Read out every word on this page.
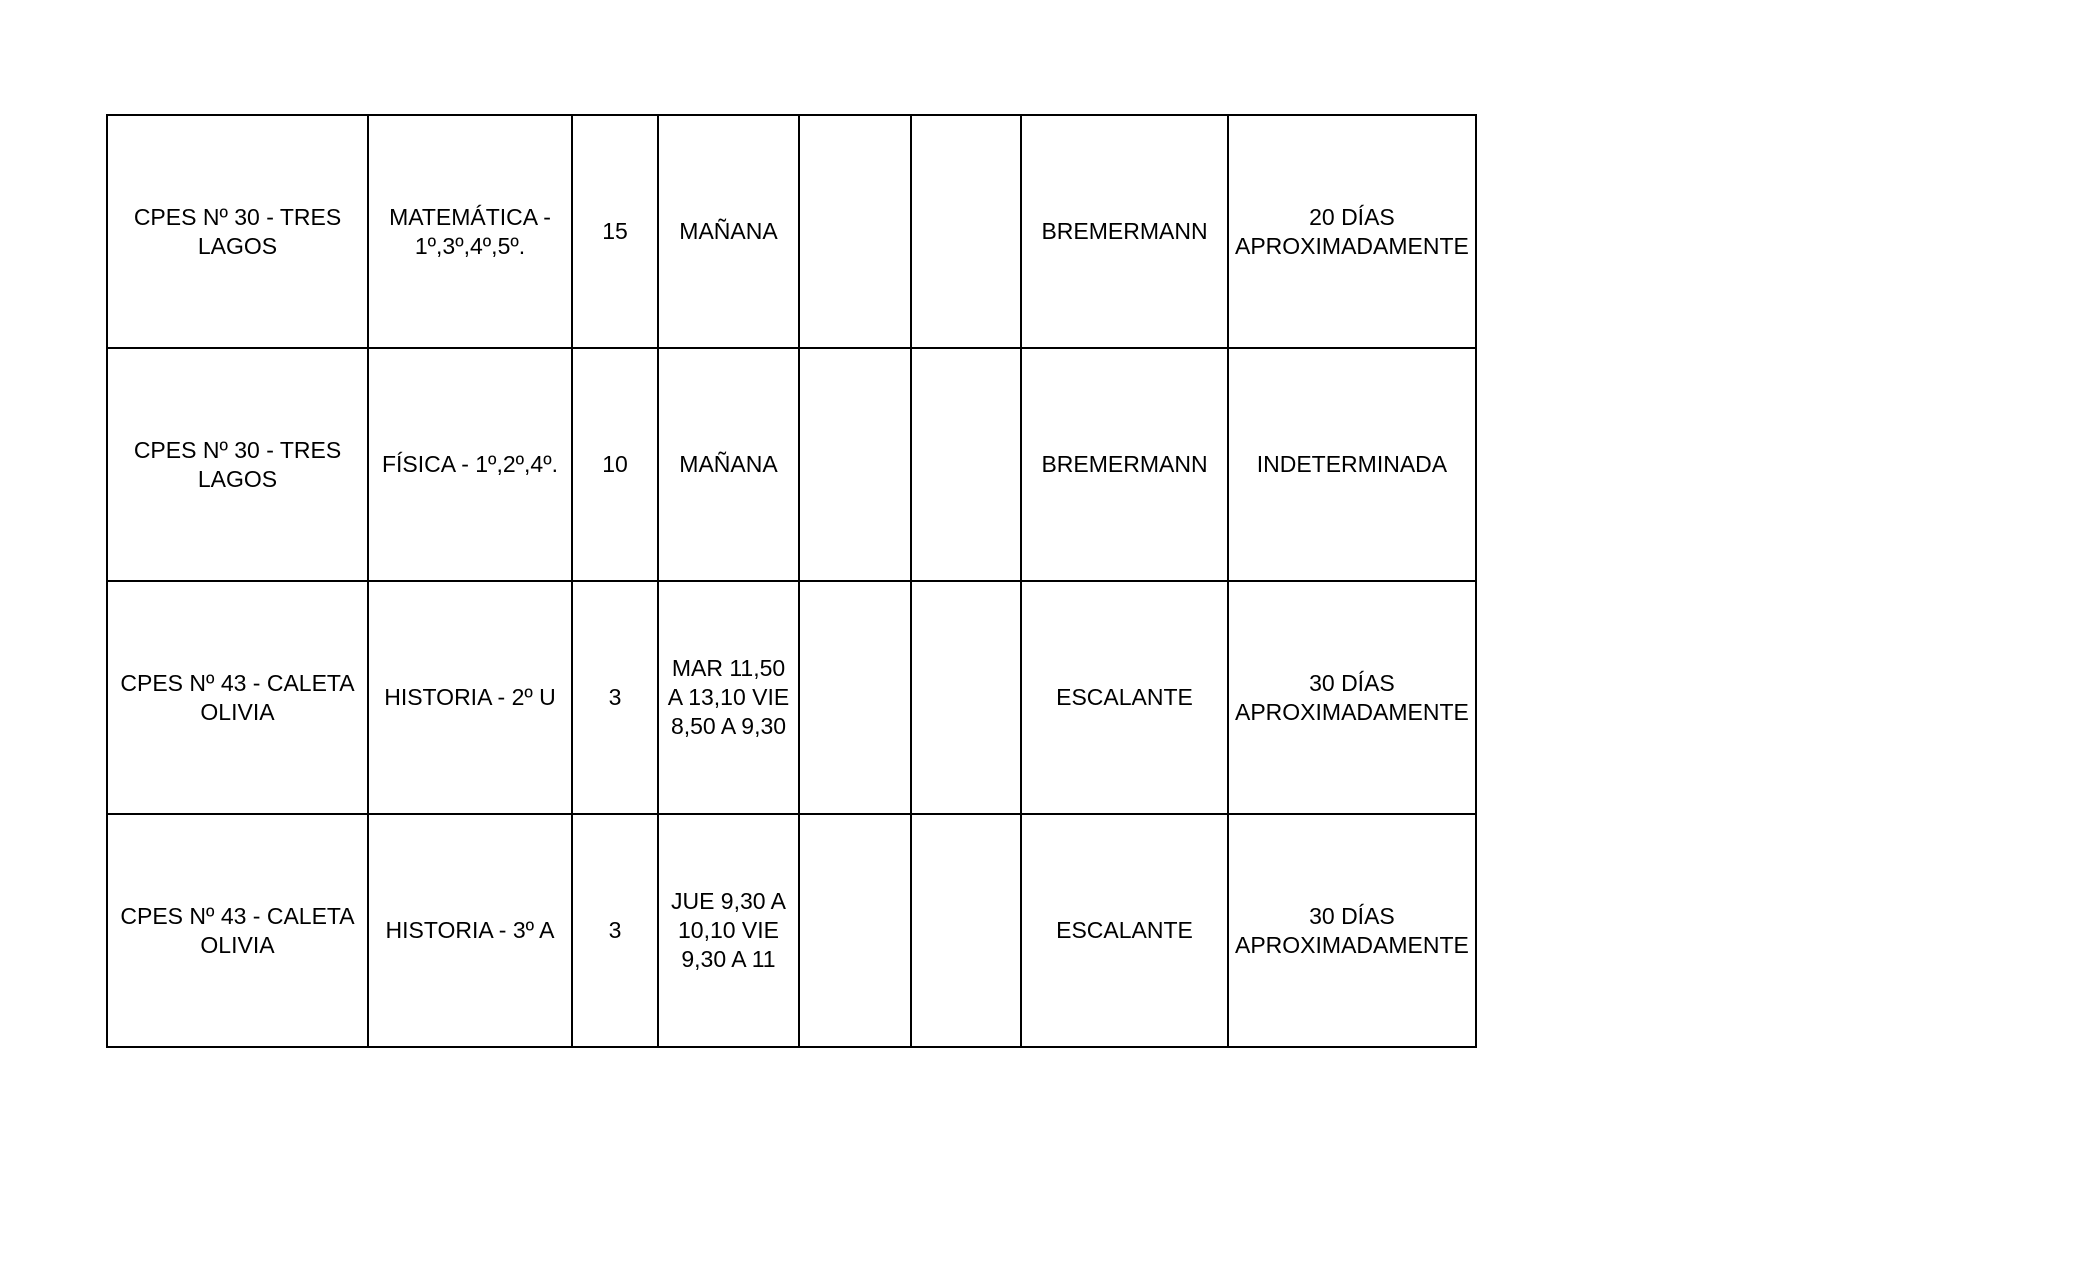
CPES Nº 30 - TRES LAGOS	MATEMÁTICA - 1º,3º,4º,5º.	15	MAÑANA			BREMERMANN	20 DÍAS APROXIMADAMENTE
CPES Nº 30 - TRES LAGOS	FÍSICA - 1º,2º,4º.	10	MAÑANA			BREMERMANN	INDETERMINADA
CPES Nº 43 - CALETA OLIVIA	HISTORIA - 2º U	3	MAR 11,50 A 13,10 VIE 8,50 A 9,30			ESCALANTE	30 DÍAS APROXIMADAMENTE
CPES Nº 43 - CALETA OLIVIA	HISTORIA - 3º A	3	JUE 9,30 A 10,10 VIE 9,30 A 11			ESCALANTE	30 DÍAS APROXIMADAMENTE
